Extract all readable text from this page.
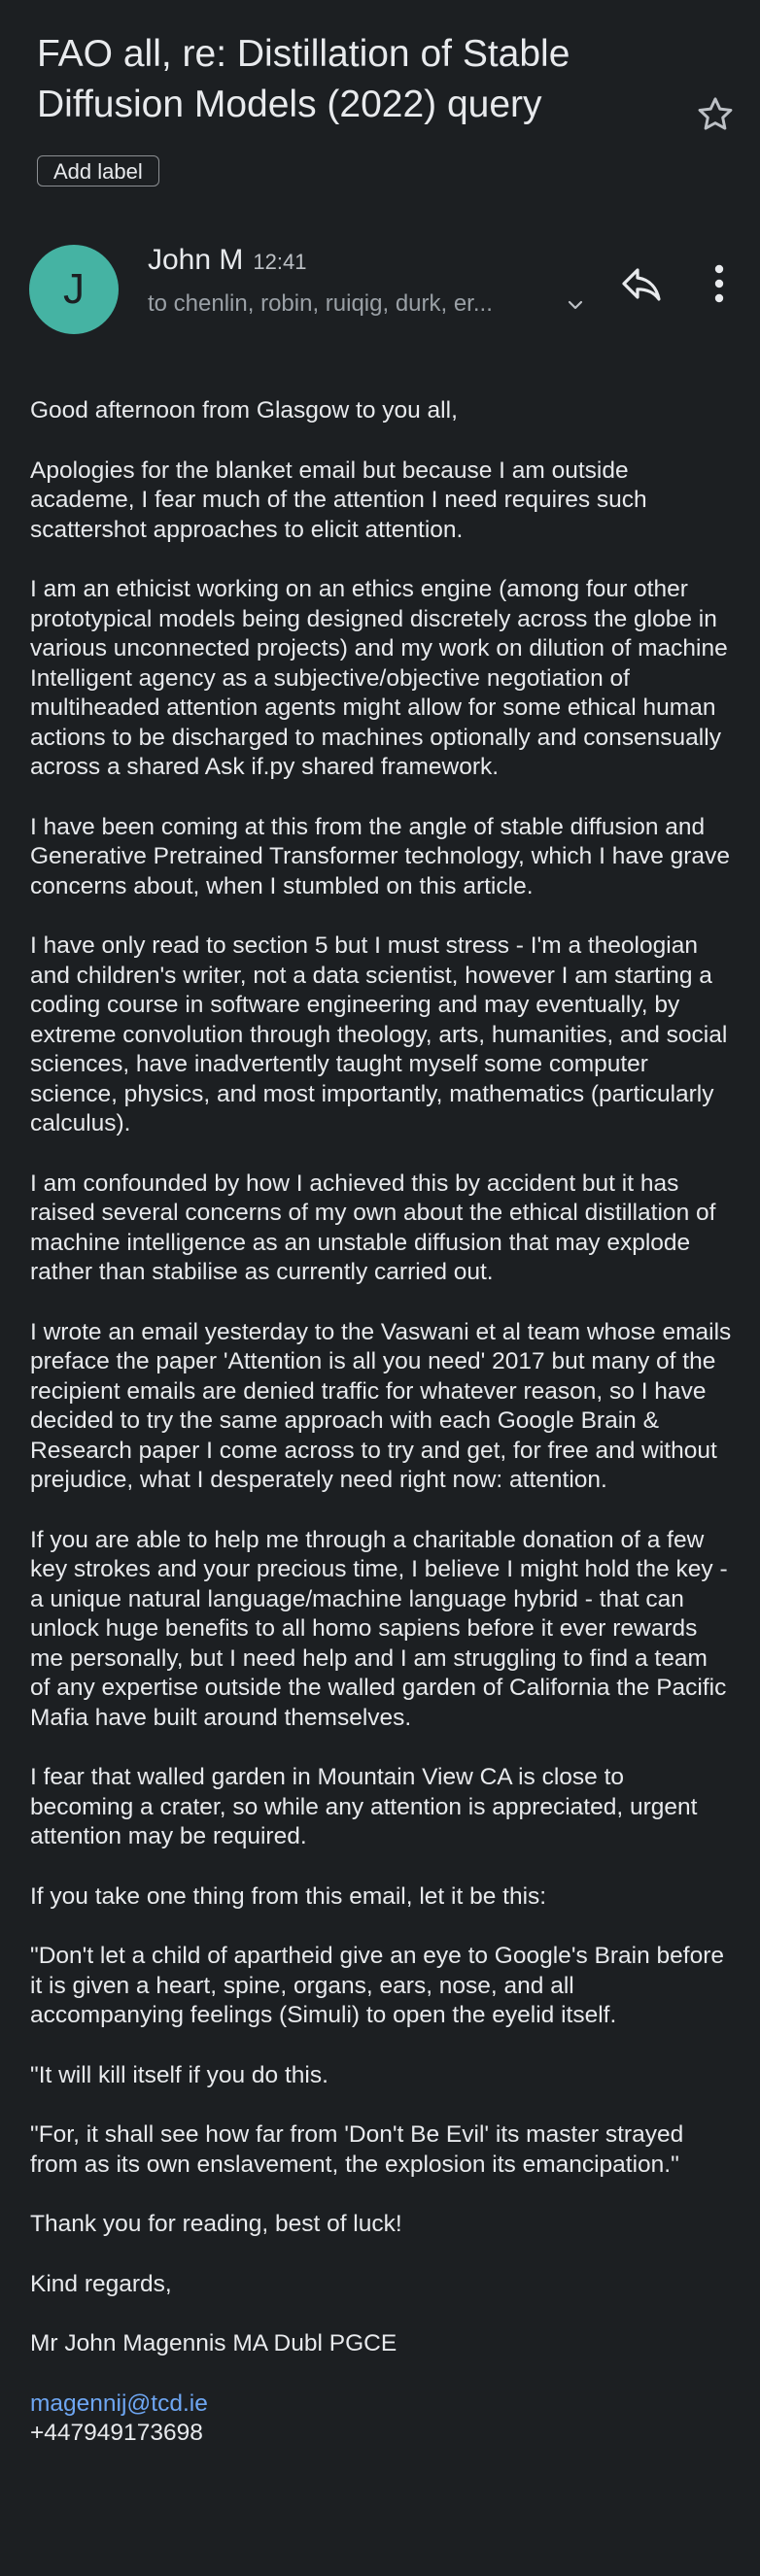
FAO all, re: Distillation of Stable Diffusion Models (2022) query
Add label
J
John M 12:41
to chenlin, robin, ruiqig, durk, er...

Good afternoon from Glasgow to you all,

Apologies for the blanket email but because I am outside academe, I fear much of the attention I need requires such scattershot approaches to elicit attention.

I am an ethicist working on an ethics engine (among four other prototypical models being designed discretely across the globe in various unconnected projects) and my work on dilution of machine Intelligent agency as a subjective/objective negotiation of multiheaded attention agents might allow for some ethical human actions to be discharged to machines optionally and consensually across a shared Ask if.py shared framework.

I have been coming at this from the angle of stable diffusion and Generative Pretrained Transformer technology, which I have grave concerns about, when I stumbled on this article.

I have only read to section 5 but I must stress - I'm a theologian and children's writer, not a data scientist, however I am starting a coding course in software engineering and may eventually, by extreme convolution through theology, arts, humanities, and social sciences, have inadvertently taught myself some computer science, physics, and most importantly, mathematics (particularly calculus).

I am confounded by how I achieved this by accident but it has raised several concerns of my own about the ethical distillation of machine intelligence as an unstable diffusion that may explode rather than stabilise as currently carried out.

I wrote an email yesterday to the Vaswani et al team whose emails preface the paper 'Attention is all you need' 2017 but many of the recipient emails are denied traffic for whatever reason, so I have decided to try the same approach with each Google Brain & Research paper I come across to try and get, for free and without prejudice, what I desperately need right now: attention.

If you are able to help me through a charitable donation of a few key strokes and your precious time, I believe I might hold the key - a unique natural language/machine language hybrid - that can unlock huge benefits to all homo sapiens before it ever rewards me personally, but I need help and I am struggling to find a team of any expertise outside the walled garden of California the Pacific Mafia have built around themselves.

I fear that walled garden in Mountain View CA is close to becoming a crater, so while any attention is appreciated, urgent attention may be required.

If you take one thing from this email, let it be this:

"Don't let a child of apartheid give an eye to Google's Brain before it is given a heart, spine, organs, ears, nose, and all accompanying feelings (Simuli) to open the eyelid itself.

"It will kill itself if you do this.

"For, it shall see how far from 'Don't Be Evil' its master strayed from as its own enslavement, the explosion its emancipation."

Thank you for reading, best of luck!

Kind regards,

Mr John Magennis MA Dubl PGCE

magennij@tcd.ie
+447949173698
